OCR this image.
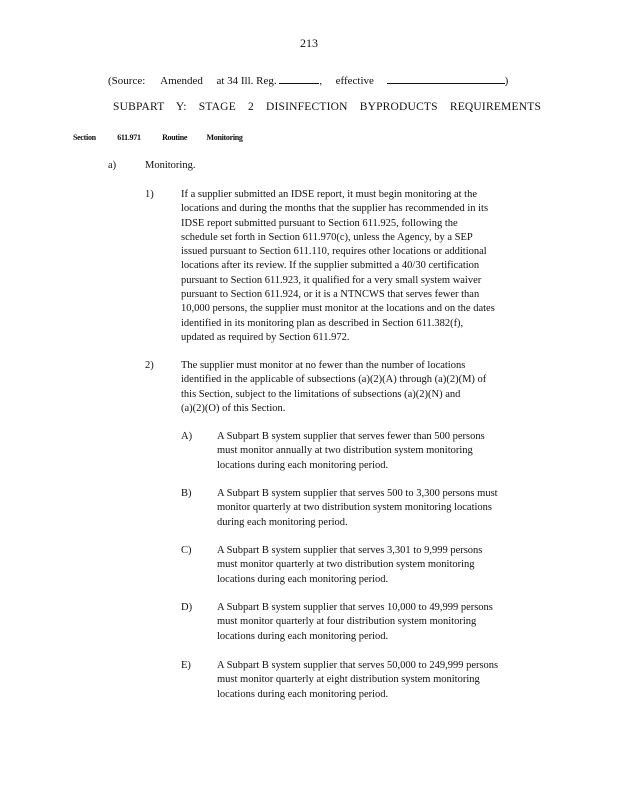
213
(Source: Amended at 34 Ill. Reg.	,  effective	)
SUBPART Y: STAGE 2 DISINFECTION BYPRODUCTS REQUIREMENTS
Section	611.971	Routine Monitoring
a)	Monitoring.
1)	If a supplier submitted an IDSE report, it must begin monitoring at the
locations and during the months that the supplier has recommended in its
IDSE report submitted pursuant to Section 611.925, following the
schedule set forth in Section 611.970(c), unless the Agency, by a SEP
issued pursuant to Section 611.110, requires other locations or additional
locations after its review. If the supplier submitted a 40/30 certification
pursuant to Section 611.923, it qualified for a very small system waiver
pursuant to Section 611.924, or it is a NTNCWS that serves fewer than
10,000 persons, the supplier must monitor at the locations and on the dates
identified in its monitoring plan as described in Section 611.382(f),
updated as required by Section 611.972.
2)	The supplier must monitor at no fewer than the number of locations
identified in the applicable of subsections (a)(2)(A) through (a)(2)(M) of
this Section, subject to the limitations of subsections (a)(2)(N) and
(a)(2)(O) of this Section.
A) A Subpart B system supplier that serves fewer than 500 persons
must monitor annually at two distribution system monitoring
locations during each monitoring period.
B) A Subpart B system supplier that serves 500 to 3,300 persons must
monitor quarterly at two distribution system monitoring locations
during each monitoring period.
C) A Subpart B system supplier that serves 3,301 to 9,999 persons
must monitor quarterly at two distribution system monitoring
locations during each monitoring period.
D) A Subpart B system supplier that serves 10,000 to 49,999 persons
must monitor quarterly at four distribution system monitoring
locations during each monitoring period.
E) A Subpart B system supplier that serves 50,000 to 249,999 persons
must monitor quarterly at eight distribution system monitoring
locations during each monitoring period.
